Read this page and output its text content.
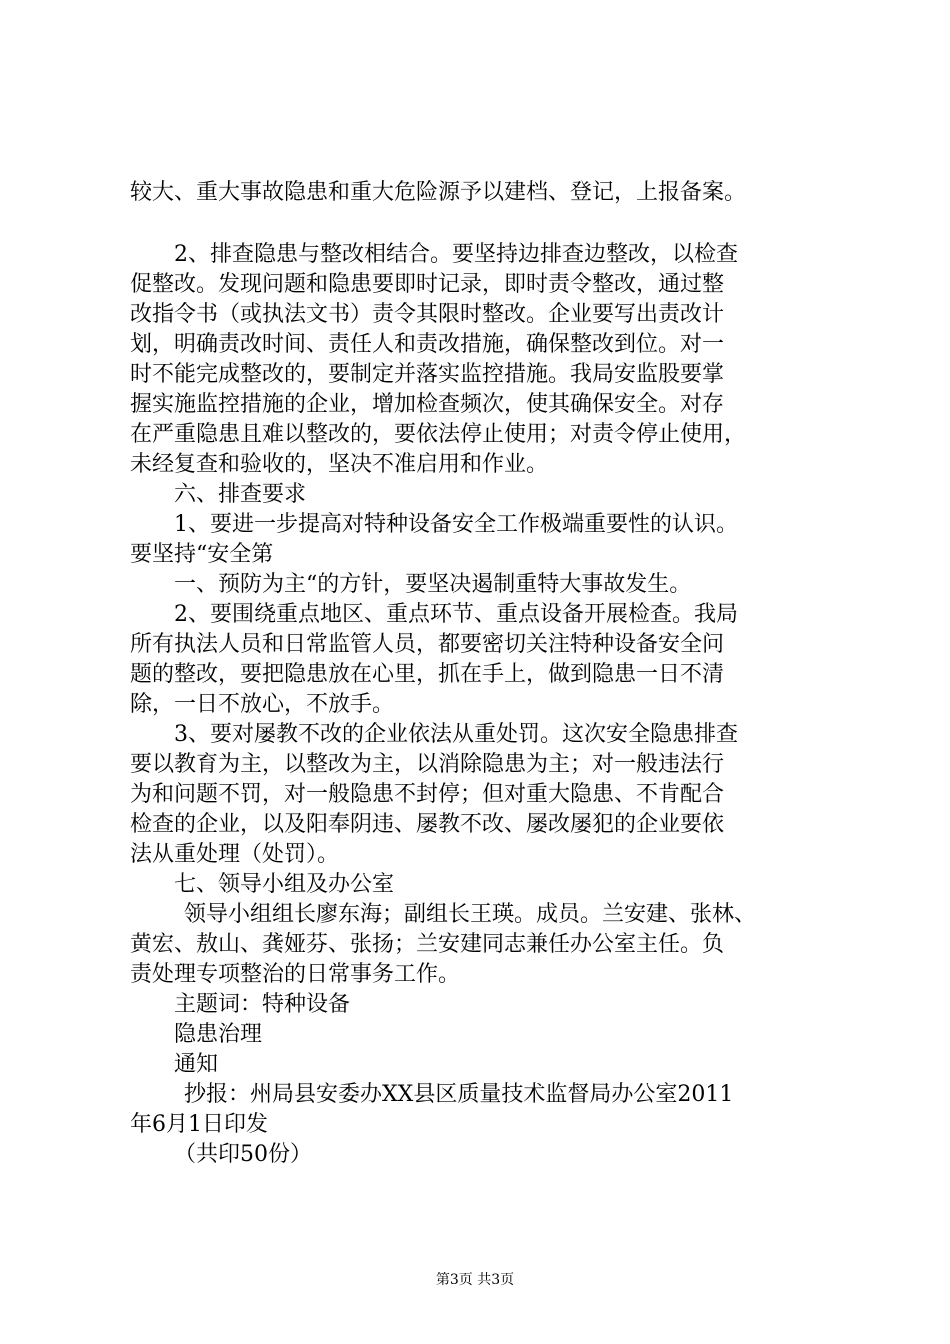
较大、重大事故隐患和重大危险源予以建档、登记，上报备案。
2、排查隐患与整改相结合。要坚持边排查边整改，以检查
促整改。发现问题和隐患要即时记录，即时责令整改，通过整
改指令书（或执法文书）责令其限时整改。企业要写出责改计
划，明确责改时间、责任人和责改措施，确保整改到位。对一
时不能完成整改的，要制定并落实监控措施。我局安监股要掌
握实施监控措施的企业，增加检查频次，使其确保安全。对存
在严重隐患且难以整改的，要依法停止使用；对责令停止使用，
未经复查和验收的，坚决不准启用和作业。
六、排查要求
1、要进一步提高对特种设备安全工作极端重要性的认识。
要坚持“安全第
一、预防为主“的方针，要坚决遏制重特大事故发生。
2、要围绕重点地区、重点环节、重点设备开展检查。我局
所有执法人员和日常监管人员，都要密切关注特种设备安全问
题的整改，要把隐患放在心里，抓在手上，做到隐患一日不清
除，一日不放心，不放手。
3、要对屡教不改的企业依法从重处罚。这次安全隐患排查
要以教育为主，以整改为主，以消除隐患为主；对一般违法行
为和问题不罚，对一般隐患不封停；但对重大隐患、不肯配合
检查的企业，以及阳奉阴违、屡教不改、屡改屡犯的企业要依
法从重处理（处罚）。
七、领导小组及办公室
领导小组组长廖东海；副组长王瑛。成员。兰安建、张林、
黄宏、敖山、龚娅芬、张扬；兰安建同志兼任办公室主任。负
责处理专项整治的日常事务工作。
主题词：特种设备
隐患治理
通知
抄报：州局县安委办XX县区质量技术监督局办公室2011
年6月1日印发
（共印50份）
第3页 共3页
